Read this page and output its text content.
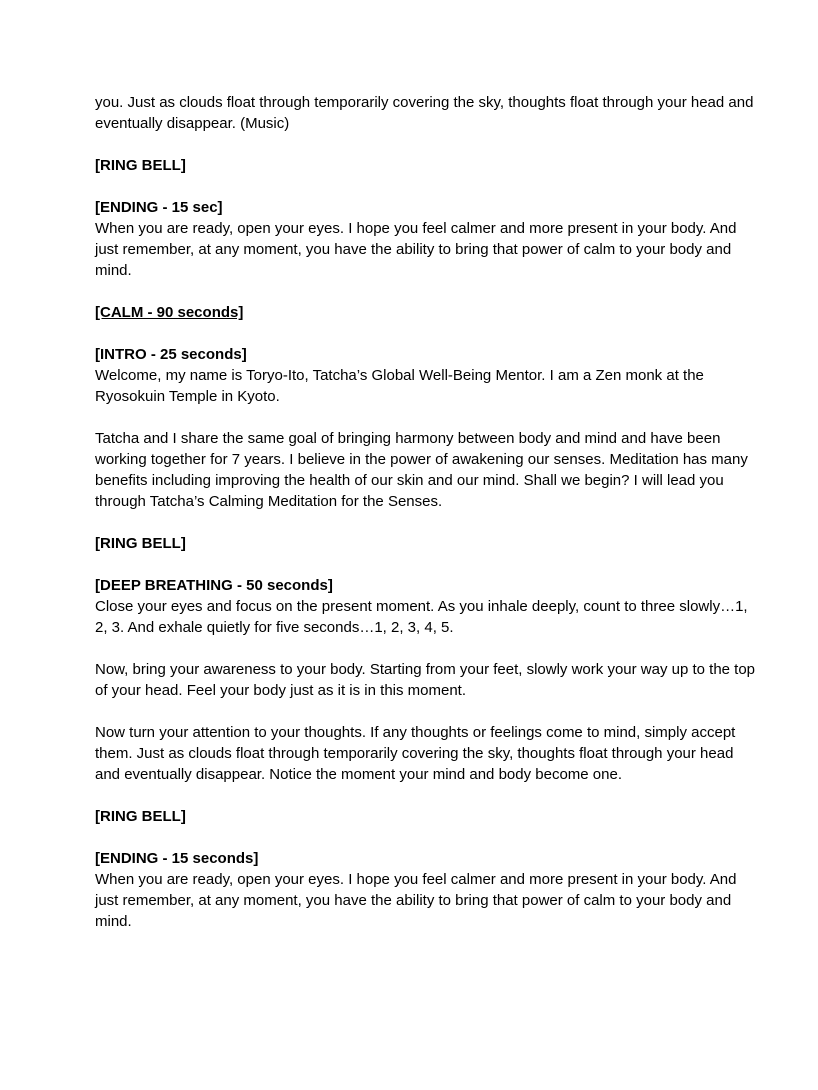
you. Just as clouds float through temporarily covering the sky, thoughts float through your head and eventually disappear. (Music)

[RING BELL]

[ENDING - 15 sec]

When you are ready, open your eyes. I hope you feel calmer and more present in your body. And just remember, at any moment, you have the ability to bring that power of calm to your body and mind.

[CALM - 90 seconds]

[INTRO - 25 seconds]

Welcome, my name is Toryo-Ito, Tatcha’s Global Well-Being Mentor. I am a Zen monk at the Ryosokuin Temple in Kyoto.

Tatcha and I share the same goal of bringing harmony between body and mind and have been working together for 7 years. I believe in the power of awakening our senses. Meditation has many benefits including improving the health of our skin and our mind. Shall we begin? I will lead you through Tatcha’s Calming Meditation for the Senses.

[RING BELL]

[DEEP BREATHING - 50 seconds]

Close your eyes and focus on the present moment. As you inhale deeply, count to three slowly…1, 2, 3. And exhale quietly for five seconds…1, 2, 3, 4, 5.

Now, bring your awareness to your body. Starting from your feet, slowly work your way up to the top of your head. Feel your body just as it is in this moment.

Now turn your attention to your thoughts. If any thoughts or feelings come to mind, simply accept them. Just as clouds float through temporarily covering the sky, thoughts float through your head and eventually disappear. Notice the moment your mind and body become one.

[RING BELL]

[ENDING - 15 seconds]

When you are ready, open your eyes. I hope you feel calmer and more present in your body. And just remember, at any moment, you have the ability to bring that power of calm to your body and mind.
